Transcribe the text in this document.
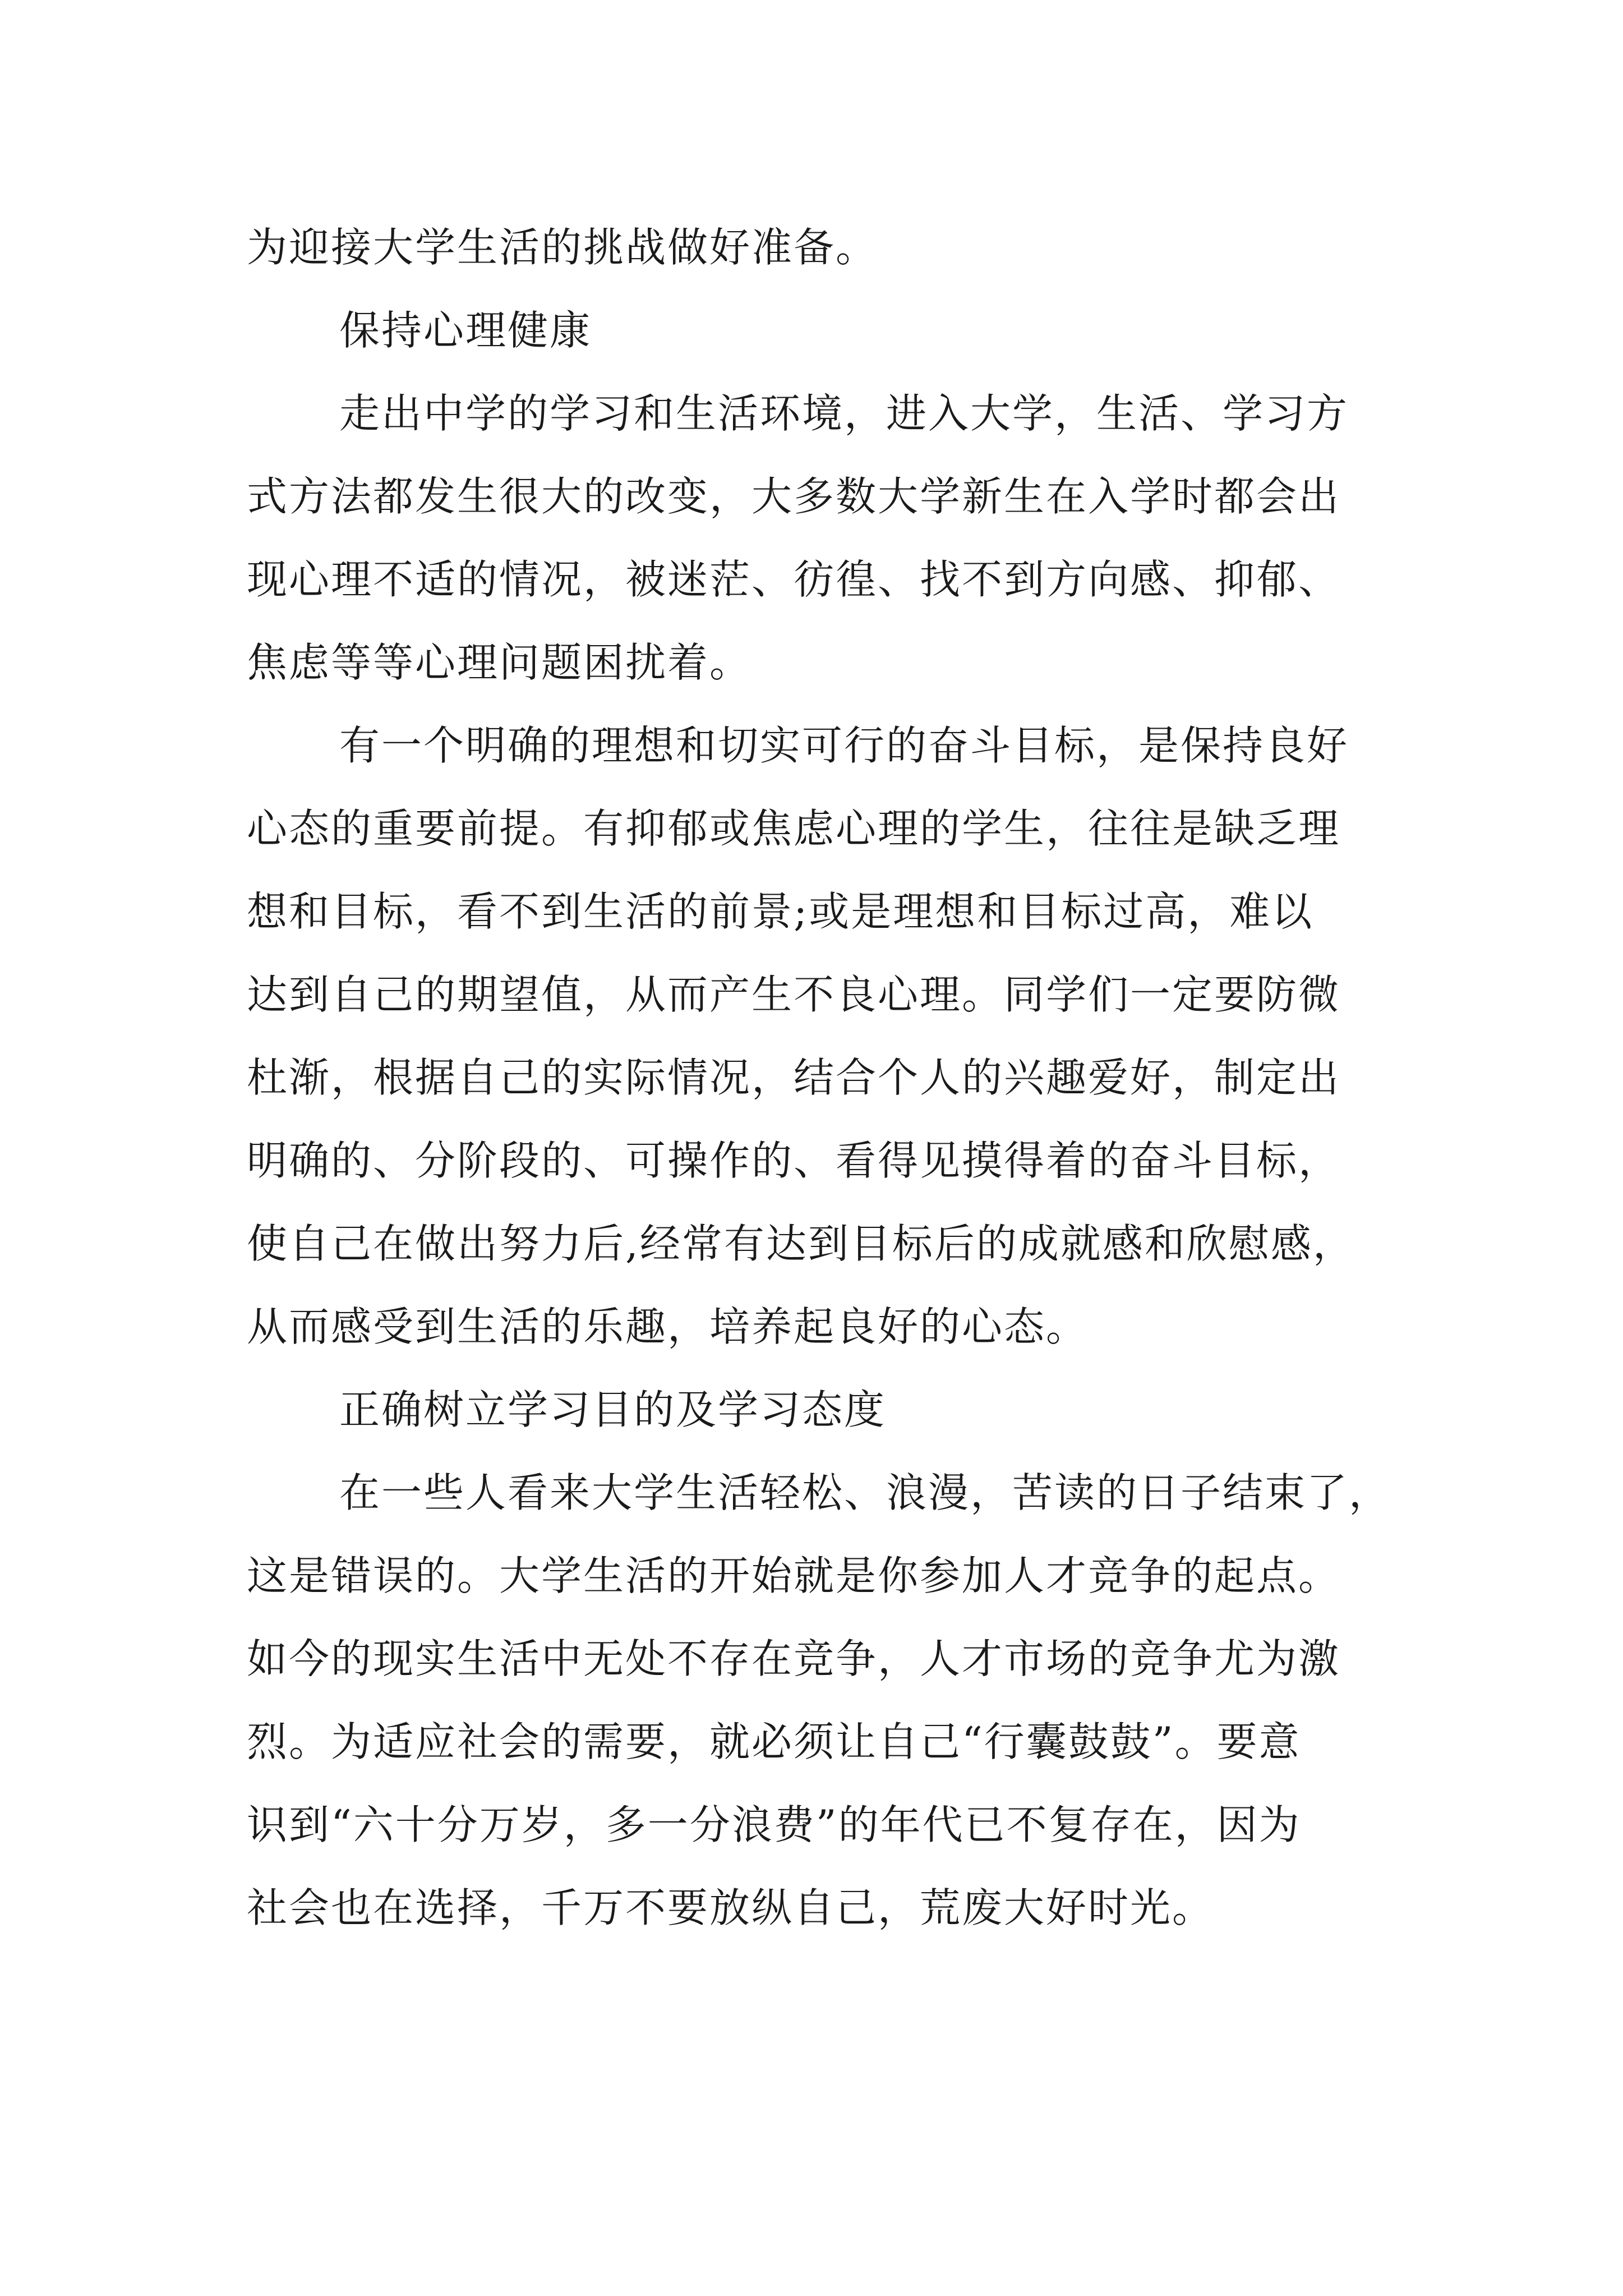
为迎接大学生活的挑战做好准备。
保持心理健康
走出中学的学习和生活环境，进入大学，生活、学习方
式方法都发生很大的改变，大多数大学新生在入学时都会出
现心理不适的情况，被迷茫、彷徨、找不到方向感、抑郁、
焦虑等等心理问题困扰着。
有一个明确的理想和切实可行的奋斗目标，是保持良好
心态的重要前提。有抑郁或焦虑心理的学生，往往是缺乏理
想和目标，看不到生活的前景;或是理想和目标过高，难以
达到自己的期望值，从而产生不良心理。同学们一定要防微
杜渐，根据自己的实际情况，结合个人的兴趣爱好，制定出
明确的、分阶段的、可操作的、看得见摸得着的奋斗目标，
使自己在做出努力后,经常有达到目标后的成就感和欣慰感，
从而感受到生活的乐趣，培养起良好的心态。
正确树立学习目的及学习态度
在一些人看来大学生活轻松、浪漫，苦读的日子结束了，
这是错误的。大学生活的开始就是你参加人才竞争的起点。
如今的现实生活中无处不存在竞争，人才市场的竞争尤为激
烈。为适应社会的需要，就必须让自己“行囊鼓鼓”。要意
识到“六十分万岁，多一分浪费”的年代已不复存在，因为
社会也在选择，千万不要放纵自己，荒废大好时光。
